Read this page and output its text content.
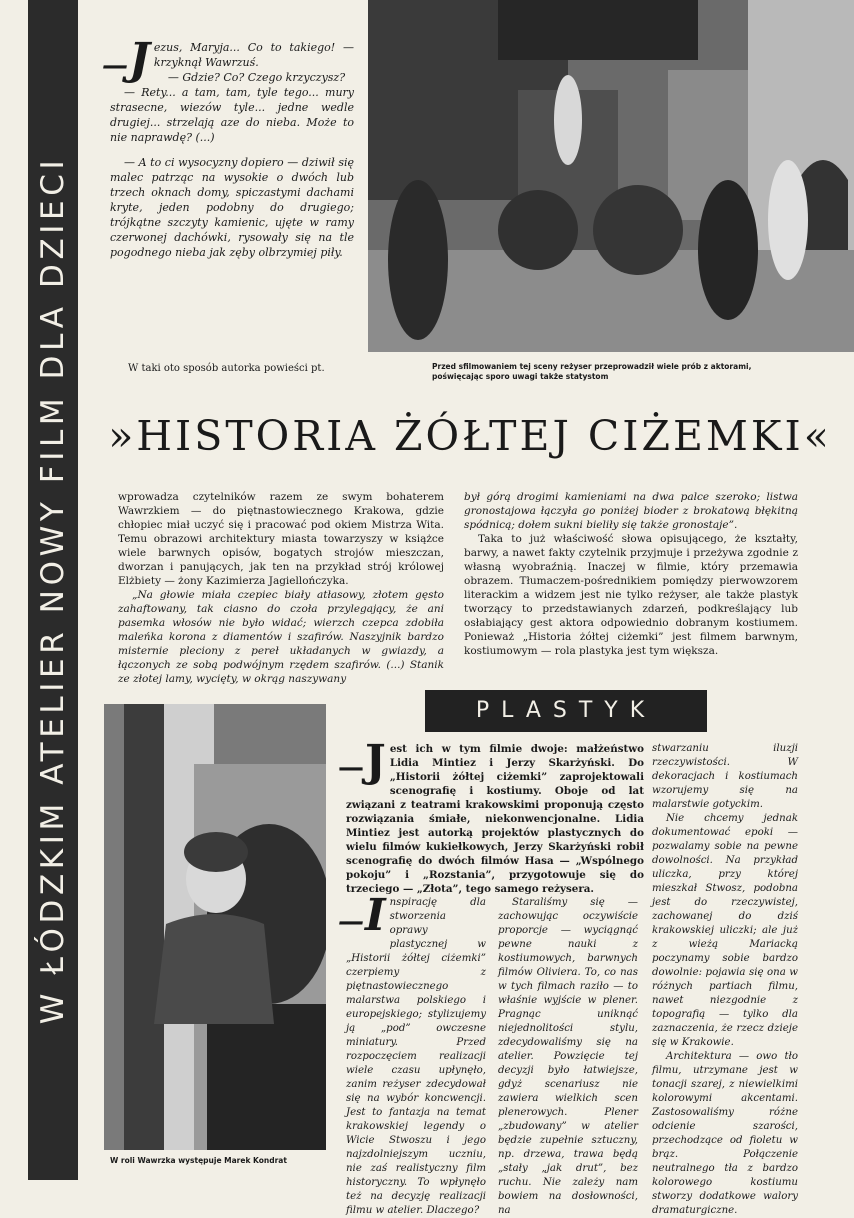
W ŁÓDZKIM ATELIER NOWY FILM DLA DZIECI
— J ezus, Maryja... Co to takiego! — krzyknął Wawrzuś.

— Gdzie? Co? Czego krzyczysz?

— Rety... a tam, tam, tyle tego... mury strasecne, wiezów tyle... jedne wedle drugiej... strzelają aze do nieba. Może to nie naprawdę? (...)

— A to ci wysocyzny dopiero — dziwił się malec patrząc na wysokie o dwóch lub trzech oknach domy, spiczastymi dachami kryte, jeden podobny do drugiego; trójkątne szczyty kamienic, ujęte w ramy czerwonej dachówki, rysowały się na tle pogodnego nieba jak zęby olbrzymiej piły.

W taki oto sposób autorka powieści pt.	Przed sfilmowaniem tej sceny reżyser przeprowadził wiele prób z aktorami, poświęcając sporo uwagi także statystom
»HISTORIA ŻÓŁTEJ CIŻEMKI«

wprowadza czytelników razem ze swym bohaterem Wawrzkiem — do piętnastowiecznego Krakowa, gdzie chłopiec miał uczyć się i pracować pod okiem Mistrza Wita. Temu obrazowi architektury miasta towarzyszy w książce wiele barwnych opisów, bogatych strojów mieszczan, dworzan i panujących, jak ten na przykład strój królowej Elżbiety — żony Kazimierza Jagiellończyka.

„Na głowie miała czepiec biały atłasowy, złotem gęsto zahaftowany, tak ciasno do czoła przylegający, że ani pasemka włosów nie było widać; wierzch czepca zdobiła maleńka korona z diamentów i szafirów. Naszyjnik bardzo misternie pleciony z pereł układanych w gwiazdy, a łączonych ze sobą podwójnym rzędem szafirów. (...) Stanik ze złotej lamy, wycięty, w okrąg naszywany

był górą drogimi kamieniami na dwa palce szeroko; listwa gronostajowa łączyła go poniżej bioder z brokatową błękitną spódnicą; dołem sukni bieliły się także gronostaje”.

Taka to już właściwość słowa opisującego, że kształty, barwy, a nawet fakty czytelnik przyjmuje i przeżywa zgodnie z własną wyobraźnią. Inaczej w filmie, który przemawia obrazem. Tłumaczem-pośrednikiem pomiędzy pierwowzorem literackim a widzem jest nie tylko reżyser, ale także plastyk tworzący to przedstawianych zdarzeń, podkreślający lub osłabiający gest aktora odpowiednio dobranym kostiumem. Ponieważ „Historia żółtej ciżemki” jest filmem barwnym, kostiumowym — rola plastyka jest tym większa.

PLASTYK
W roli Wawrzka występuje Marek Kondrat
— J est ich w tym filmie dwoje: małżeństwo Lidia Mintiez i Jerzy Skarżyński. Do „Historii żółtej ciżemki” zaprojektowali scenografię i kostiumy. Oboje od lat związani z teatrami krakowskimi proponują często rozwiązania śmiałe, niekonwencjonalne. Lidia Mintiez jest autorką projektów plastycznych do wielu filmów kukiełkowych, Jerzy Skarżyński robił scenografię do dwóch filmów Hasa — „Wspólnego pokoju” i „Rozstania”, przygotowuje się do trzeciego — „Złota”, tego samego reżysera.
— I nspirację dla stworzenia oprawy plastycznej w „Historii żółtej ciżemki” czerpiemy z piętnastowiecznego malarstwa polskiego i europejskiego; stylizujemy ją „pod” owczesne miniatury. Przed rozpoczęciem realizacji wiele czasu upłynęło, zanim reżyser zdecydował się na wybór koncwencji. Jest to fantazja na temat krakowskiej legendy o Wicie Stwoszu i jego najzdolniejszym uczniu, nie zaś realistyczny film historyczny. To wpłynęło też na decyzję realizacji filmu w atelier. Dlaczego?

Staraliśmy się — zachowując oczywiście proporcje — wyciągnąć pewne nauki z kostiumowych, barwnych filmów Oliviera. To, co nas w tych filmach raziło — to właśnie wyjście w plener. Pragnąc uniknąć niejednolitości stylu, zdecydowaliśmy się na atelier. Powzięcie tej decyzji było łatwiejsze, gdyż scenariusz nie zawiera wielkich scen plenerowych. Plener „zbudowany” w atelier będzie zupełnie sztuczny, np. drzewa, trawa będą „stały „jak drut”, bez ruchu. Nie zależy nam bowiem na dosłowności, na

stwarzaniu iluzji rzeczywistości. W dekoracjach i kostiumach wzorujemy się na malarstwie gotyckim.

Nie chcemy jednak dokumentować epoki — pozwalamy sobie na pewne dowolności. Na przykład uliczka, przy której mieszkał Stwosz, podobna jest do rzeczywistej, zachowanej do dziś krakowskiej uliczki; ale już z wieżą Mariacką poczynamy sobie bardzo dowolnie: pojawia się ona w różnych partiach filmu, nawet niezgodnie z topografią — tylko dla zaznaczenia, że rzecz dzieje się w Krakowie.

Architektura — owo tło filmu, utrzymane jest w tonacji szarej, z niewielkimi kolorowymi akcentami. Zastosowaliśmy różne odcienie szarości, przechodzące od fioletu w brąz. Połączenie neutralnego tła z bardzo kolorowego kostiumu stworzy dodatkowe walory dramaturgiczne.
